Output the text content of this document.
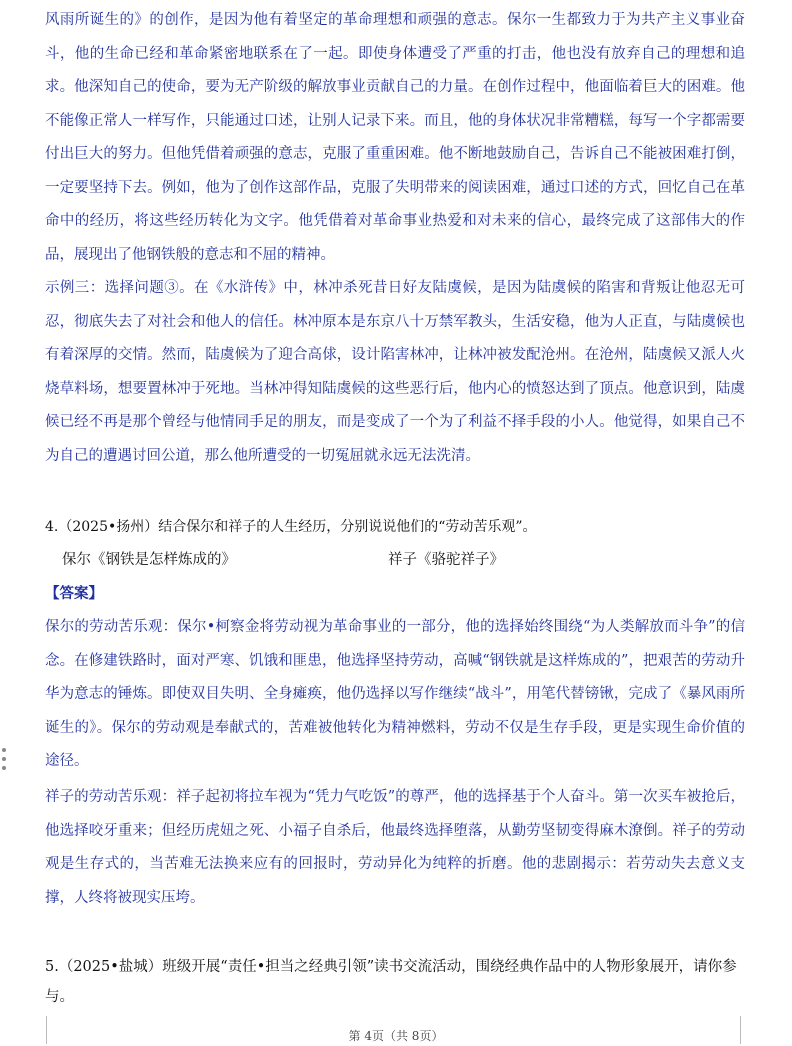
风雨所诞生的》的创作，是因为他有着坚定的革命理想和顽强的意志。保尔一生都致力于为共产主义事业奋斗，他的生命已经和革命紧密地联系在了一起。即使身体遭受了严重的打击，他也没有放弃自己的理想和追求。他深知自己的使命，要为无产阶级的解放事业贡献自己的力量。在创作过程中，他面临着巨大的困难。他不能像正常人一样写作，只能通过口述，让别人记录下来。而且，他的身体状况非常糟糕，每写一个字都需要付出巨大的努力。但他凭借着顽强的意志，克服了重重困难。他不断地鼓励自己，告诉自己不能被困难打倒，一定要坚持下去。例如，他为了创作这部作品，克服了失明带来的阅读困难，通过口述的方式，回忆自己在革命中的经历，将这些经历转化为文字。他凭借着对革命事业热爱和对未来的信心，最终完成了这部伟大的作品，展现出了他钢铁般的意志和不屈的精神。

示例三：选择问题③。在《水浒传》中，林冲杀死昔日好友陆虞候，是因为陆虞候的陷害和背叛让他忍无可忍，彻底失去了对社会和他人的信任。林冲原本是东京八十万禁军教头，生活安稳，他为人正直，与陆虞候也有着深厚的交情。然而，陆虞候为了迎合高俅，设计陷害林冲，让林冲被发配沧州。在沧州，陆虞候又派人火烧草料场，想要置林冲于死地。当林冲得知陆虞候的这些恶行后，他内心的愤怒达到了顶点。他意识到，陆虞候已经不再是那个曾经与他情同手足的朋友，而是变成了一个为了利益不择手段的小人。他觉得，如果自己不为自己的遭遇讨回公道，那么他所遭受的一切冤屈就永远无法洗清。

4.（2025•扬州）结合保尔和祥子的人生经历，分别说说他们的“劳动苦乐观”。

保尔《钢铁是怎样炼成的》	祥子《骆驼祥子》

【答案】

保尔的劳动苦乐观：保尔•柯察金将劳动视为革命事业的一部分，他的选择始终围绕“为人类解放而斗争”的信念。在修建铁路时，面对严寒、饥饿和匪患，他选择坚持劳动，高喊“钢铁就是这样炼成的”，把艰苦的劳动升华为意志的锤炼。即使双目失明、全身瘫痪，他仍选择以写作继续“战斗”，用笔代替镑锹，完成了《暴风雨所诞生的》。保尔的劳动观是奉献式的，苦难被他转化为精神燃料，劳动不仅是生存手段，更是实现生命价值的途径。

祥子的劳动苦乐观：祥子起初将拉车视为“凭力气吃饭”的尊严，他的选择基于个人奋斗。第一次买车被抢后，他选择咬牙重来；但经历虎妞之死、小福子自杀后，他最终选择堕落，从勤劳坚韧变得麻木潦倒。祥子的劳动观是生存式的，当苦难无法换来应有的回报时，劳动异化为纯粹的折磨。他的悲剧揭示：若劳动失去意义支撑，人终将被现实压垮。

5.（2025•盐城）班级开展“责任•担当之经典引领”读书交流活动，围绕经典作品中的人物形象展开，请你参与。

第 4页（共 8页）
